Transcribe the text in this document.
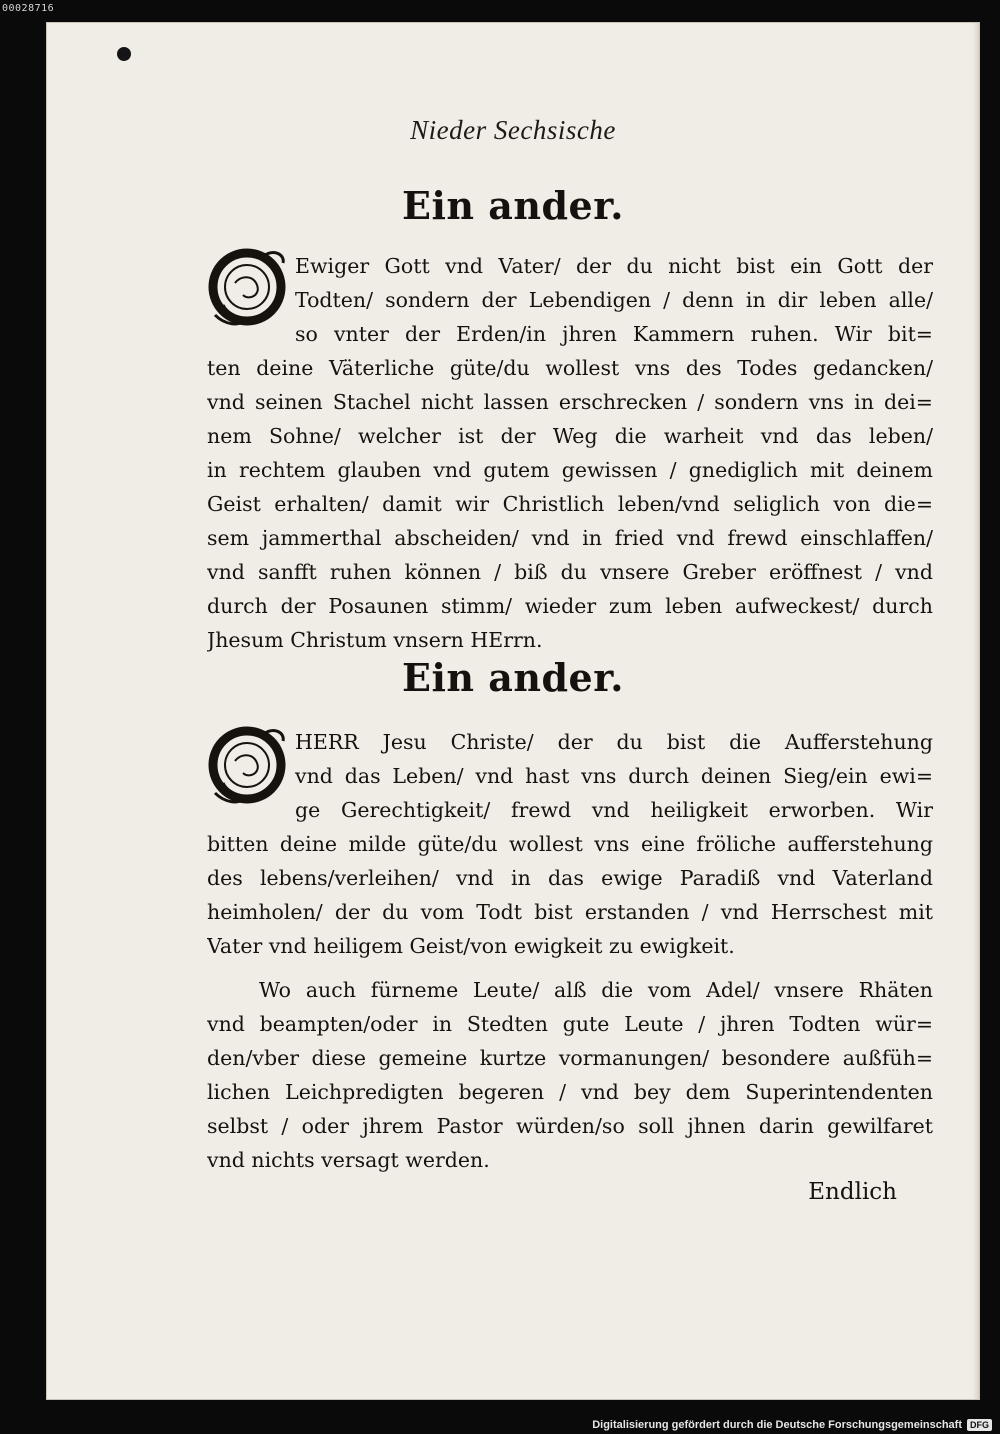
00028716
Nieder Sechsische
Ein ander.
Ewiger Gott vnd Vater/ der du nicht bist ein Gott der
Todten/ sondern der Lebendigen / denn in dir leben alle/
so vnter der Erden/in jhren Kammern ruhen. Wir bit=
ten deine Väterliche güte/du wollest vns des Todes gedancken/
vnd seinen Stachel nicht lassen erschrecken / sondern vns in dei=
nem Sohne/ welcher ist der Weg die warheit vnd das leben/
in rechtem glauben vnd gutem gewissen / gnediglich mit deinem
Geist erhalten/ damit wir Christlich leben/vnd seliglich von die=
sem jammerthal abscheiden/ vnd in fried vnd frewd einschlaffen/
vnd sanfft ruhen können / biß du vnsere Greber eröffnest / vnd
durch der Posaunen stimm/ wieder zum leben aufweckest/ durch
Jhesum Christum vnsern HErrn.
Ein ander.
HERR Jesu Christe/ der du bist die Aufferstehung
vnd das Leben/ vnd hast vns durch deinen Sieg/ein ewi=
ge Gerechtigkeit/ frewd vnd heiligkeit erworben. Wir
bitten deine milde güte/du wollest vns eine fröliche aufferstehung
des lebens/verleihen/ vnd in das ewige Paradiß vnd Vaterland
heimholen/ der du vom Todt bist erstanden / vnd Herrschest mit
Vater vnd heiligem Geist/von ewigkeit zu ewigkeit.
Wo auch fürneme Leute/ alß die vom Adel/ vnsere Rhäten
vnd beampten/oder in Stedten gute Leute / jhren Todten wür=
den/vber diese gemeine kurtze vormanungen/ besondere außfüh=
lichen Leichpredigten begeren / vnd bey dem Superintendenten
selbst / oder jhrem Pastor würden/so soll jhnen darin gewilfaret
vnd nichts versagt werden.
Endlich
Digitalisierung gefördert durch die Deutsche Forschungsgemeinschaft DFG
